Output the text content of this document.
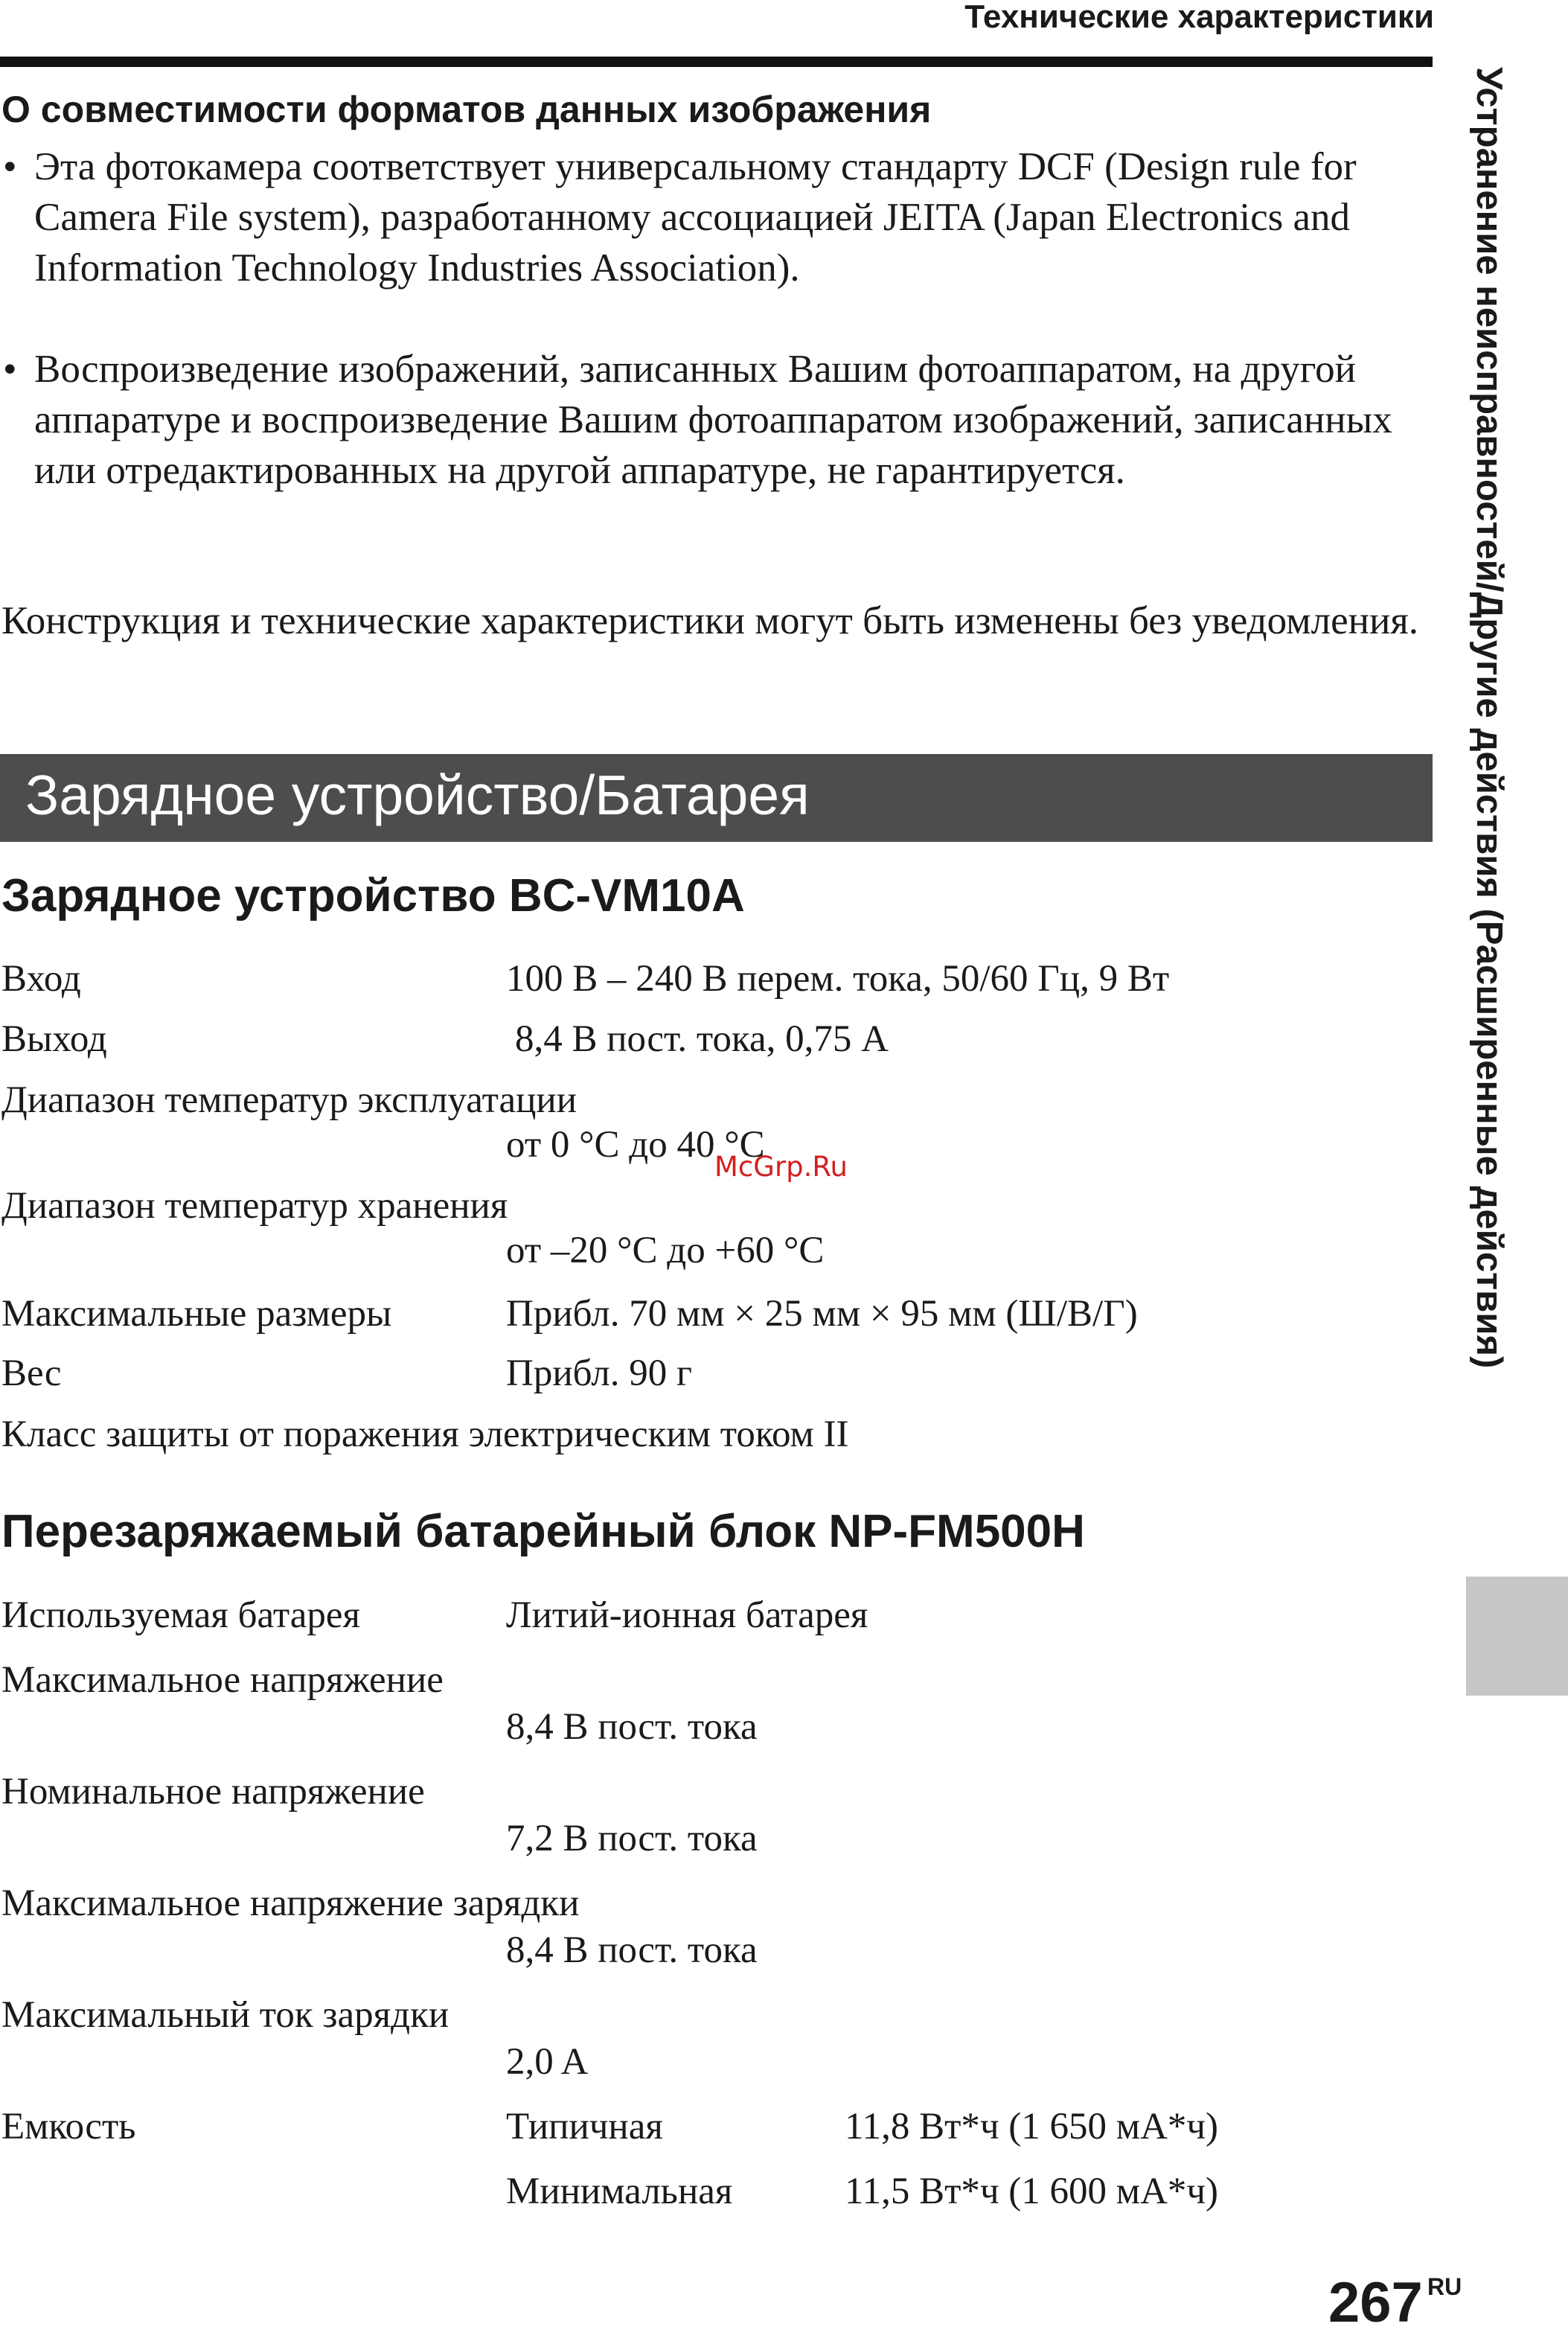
Технические характеристики
О совместимости форматов данных изображения
• Эта фотокамера соответствует универсальному стандарту DCF (Design rule for Camera File system), разработанному ассоциацией JEITA (Japan Electronics and Information Technology Industries Association).
• Воспроизведение изображений, записанных Вашим фотоаппаратом, на другой аппаратуре и воспроизведение Вашим фотоаппаратом изображений, записанных или отредактированных на другой аппаратуре, не гарантируется.
Конструкция и технические характеристики могут быть изменены без уведомления.
Зарядное устройство/Батарея
Зарядное устройство BC-VM10A
Вход	100 В – 240 В перем. тока, 50/60 Гц, 9 Вт
Выход	8,4 В пост. тока, 0,75 A
Диапазон температур эксплуатации
от 0 °C до 40 °C
Диапазон температур хранения
от –20 °C до +60 °C
Максимальные размеры	Прибл. 70 мм × 25 мм × 95 мм (Ш/В/Г)
Вес	Прибл. 90 г
Класс защиты от поражения электрическим током II
Перезаряжаемый батарейный блок NP-FM500H
Используемая батарея	Литий-ионная батарея
Максимальное напряжение
8,4 В пост. тока
Номинальное напряжение
7,2 В пост. тока
Максимальное напряжение зарядки
8,4 В пост. тока
Максимальный ток зарядки
2,0 A
Емкость	Типичная	11,8 Вт*ч (1 650 мА*ч)
Минимальная	11,5 Вт*ч (1 600 мА*ч)
McGrp.Ru	Устранение неисправностей/Другие действия (Расширенные действия)
267 RU
